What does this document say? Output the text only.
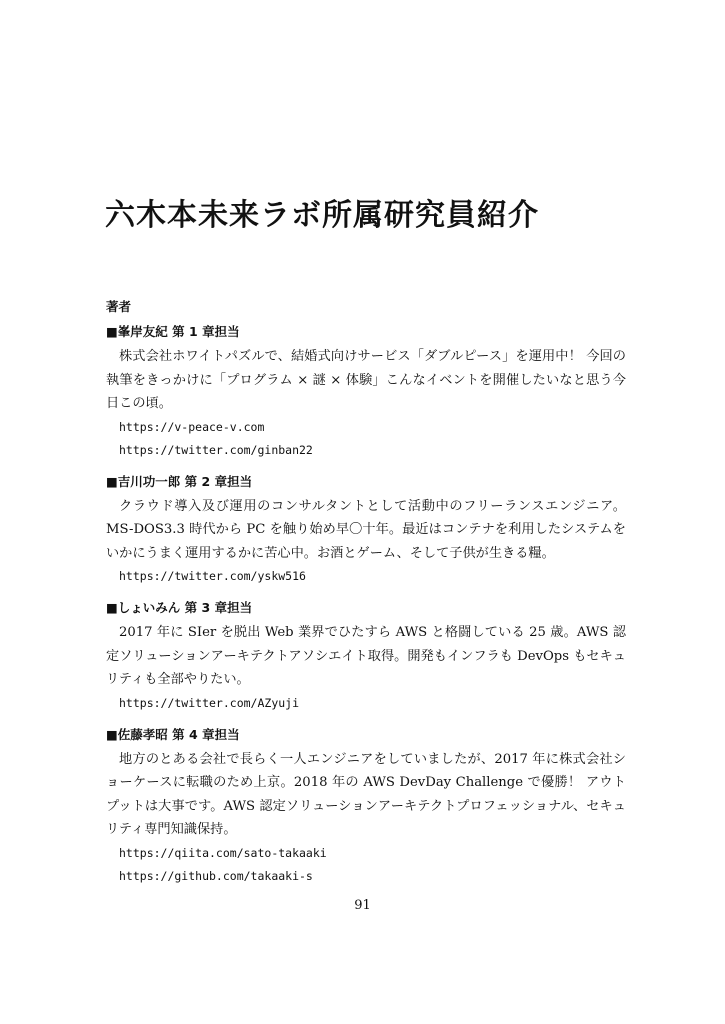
六木本未来ラボ所属研究員紹介
著者
■峯岸友紀 第 1 章担当

株式会社ホワイトパズルで、結婚式向けサービス「ダブルピース」を運用中！ 今回の執筆をきっかけに「プログラム × 謎 × 体験」こんなイベントを開催したいなと思う今日この頃。

https://v-peace-v.com
https://twitter.com/ginban22
■吉川功一郎 第 2 章担当

クラウド導入及び運用のコンサルタントとして活動中のフリーランスエンジニア。MS-DOS3.3 時代から PC を触り始め早〇十年。最近はコンテナを利用したシステムをいかにうまく運用するかに苦心中。お酒とゲーム、そして子供が生きる糧。

https://twitter.com/yskw516
■しょいみん 第 3 章担当

2017 年に SIer を脱出 Web 業界でひたすら AWS と格闘している 25 歳。AWS 認定ソリューションアーキテクトアソシエイト取得。開発もインフラも DevOps もセキュリティも全部やりたい。

https://twitter.com/AZyuji
■佐藤孝昭 第 4 章担当

地方のとある会社で長らく一人エンジニアをしていましたが、2017 年に株式会社ショーケースに転職のため上京。2018 年の AWS DevDay Challenge で優勝！ アウトプットは大事です。AWS 認定ソリューションアーキテクトプロフェッショナル、セキュリティ専門知識保持。

https://qiita.com/sato-takaaki
https://github.com/takaaki-s
91
